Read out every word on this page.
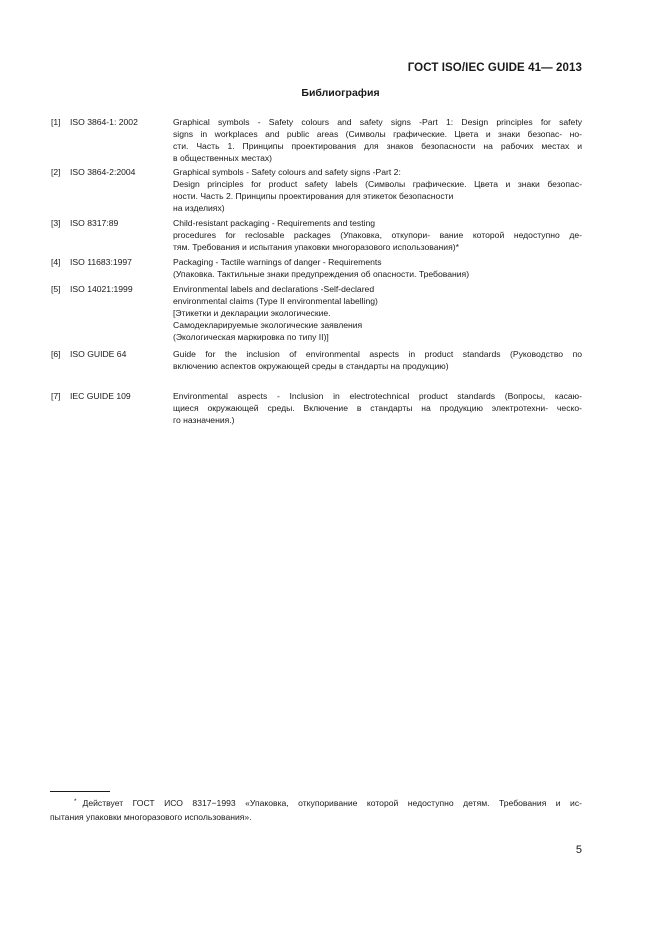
ГОСТ ISO/IEC GUIDE 41— 2013
Библиография
[1] ISO 3864-1: 2002	Graphical symbols - Safety colours and safety signs -Part 1: Design principles for safety
signs in workplaces and public areas (Символы графические. Цвета и знаки безопас- но-
сти. Часть 1. Принципы проектирования для знаков безопасности на рабочих местах и
в общественных местах)
[2] ISO 3864-2:2004	Graphical symbols - Safety colours and safety signs -Part 2:
Design principles for product safety labels (Символы графические. Цвета и знаки безопас-
ности. Часть 2. Принципы проектирования для этикеток безопасности
на изделиях)
[3] ISO 8317:89	Child-resistant packaging - Requirements and testing
procedures for reclosable packages (Упаковка, откупори- вание которой недоступно де-
тям. Требования и испытания упаковки многоразового использования)*
[4] ISO 11683:1997	Packaging - Tactile warnings of danger - Requirements
(Упаковка. Тактильные знаки предупреждения об опасности. Требования)
[5] ISO 14021:1999	Environmental labels and declarations -Self-declared
environmental claims (Type II environmental labelling)
[Этикетки и декларации экологические.
Самодекларируемые экологические заявления
(Экологическая маркировка по типу II)]
[6] ISO GUIDE 64	Guide for the inclusion of environmental aspects in product standards (Руководство по
включению аспектов окружающей среды в стандарты на продукцию)
[7] IEC GUIDE 109	Environmental aspects - Inclusion in electrotechnical product standards (Вопросы, касаю-
щиеся окружающей среды. Включение в стандарты на продукцию электротехни- ческо-
го назначения.)
* Действует ГОСТ ИСО 8317−1993 «Упаковка, откупоривание которой недоступно детям. Требования и ис-
пытания упаковки многоразового использования».
5
